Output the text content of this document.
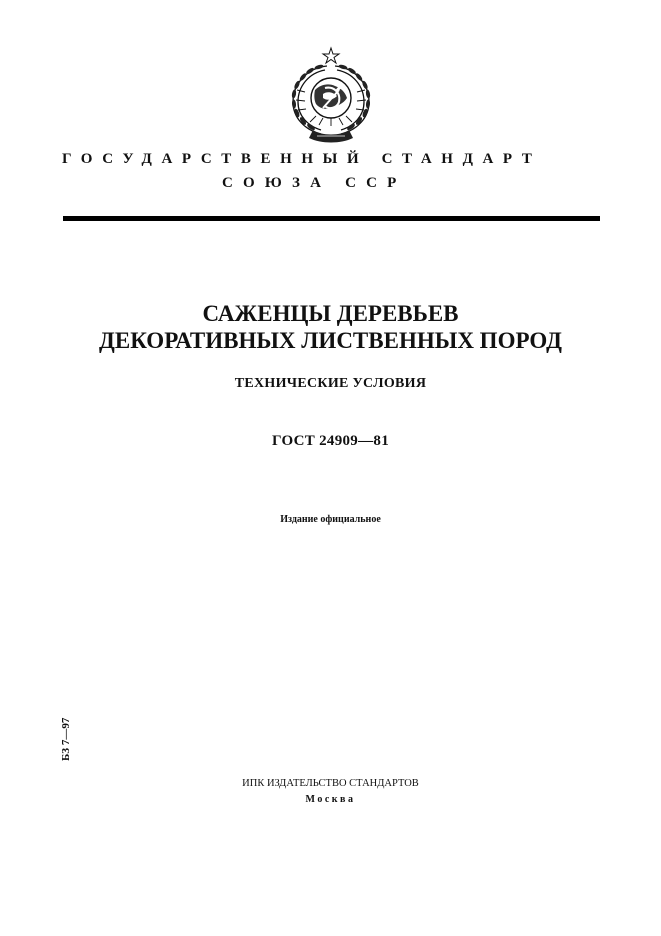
ГОСУДАРСТВЕННЫЙ СТАНДАРТ
СОЮЗА ССР
САЖЕНЦЫ ДЕРЕВЬЕВ
ДЕКОРАТИВНЫХ ЛИСТВЕННЫХ ПОРОД
ТЕХНИЧЕСКИЕ УСЛОВИЯ
ГОСТ 24909—81
Издание официальное
БЗ 7—97
ИПК ИЗДАТЕЛЬСТВО СТАНДАРТОВ
Москва
